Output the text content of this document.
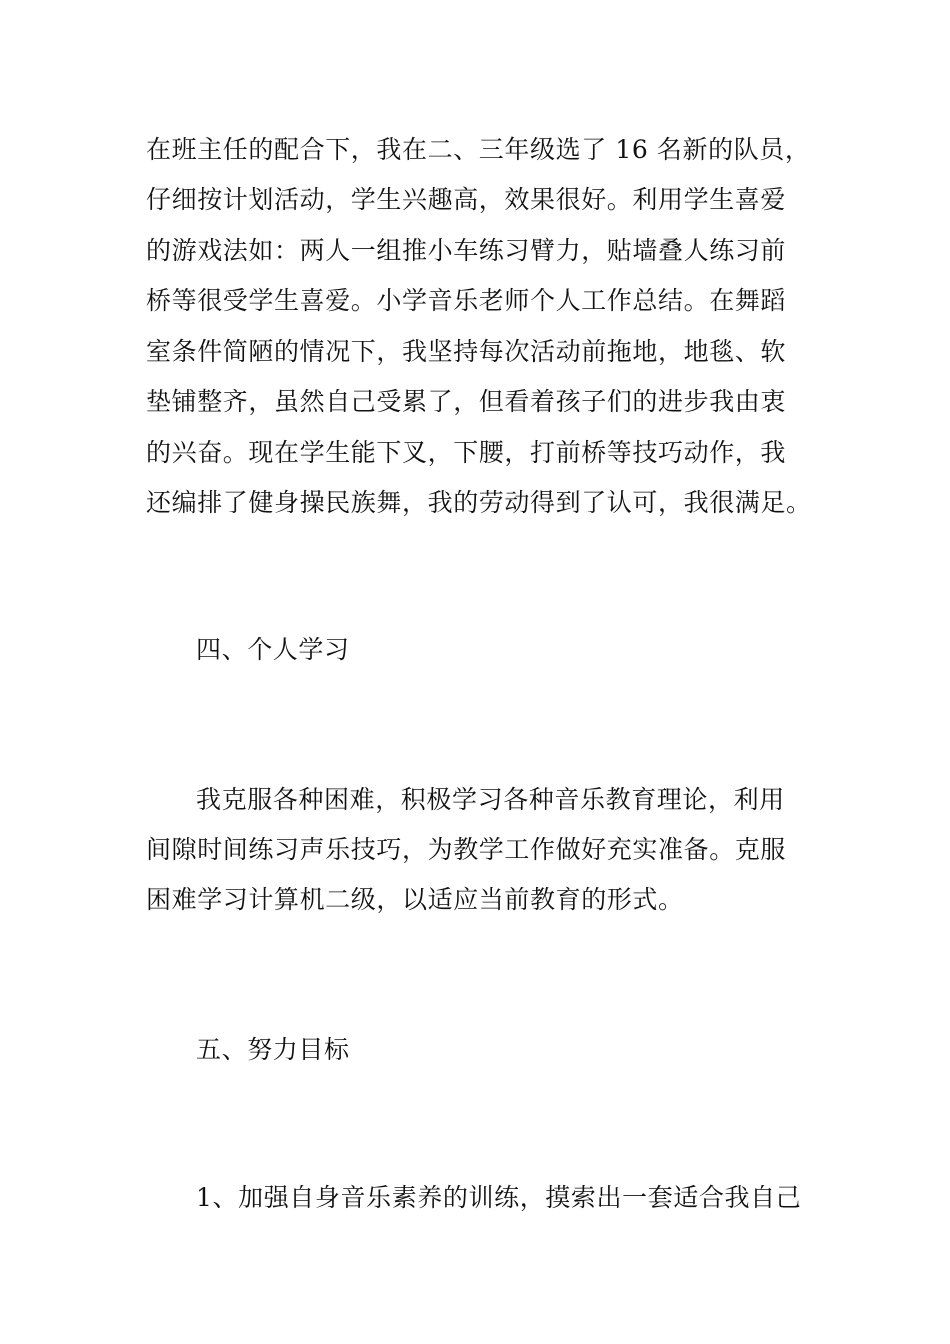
在班主任的配合下，我在二、三年级选了 16 名新的队员，
仔细按计划活动，学生兴趣高，效果很好。利用学生喜爱
的游戏法如：两人一组推小车练习臂力，贴墙叠人练习前
桥等很受学生喜爱。小学音乐老师个人工作总结。在舞蹈
室条件简陋的情况下，我坚持每次活动前拖地，地毯、软
垫铺整齐，虽然自己受累了，但看着孩子们的进步我由衷
的兴奋。现在学生能下叉，下腰，打前桥等技巧动作，我
还编排了健身操民族舞，我的劳动得到了认可，我很满足。
四、个人学习
我克服各种困难，积极学习各种音乐教育理论，利用
间隙时间练习声乐技巧，为教学工作做好充实准备。克服
困难学习计算机二级，以适应当前教育的形式。
五、努力目标
1、加强自身音乐素养的训练，摸索出一套适合我自己
